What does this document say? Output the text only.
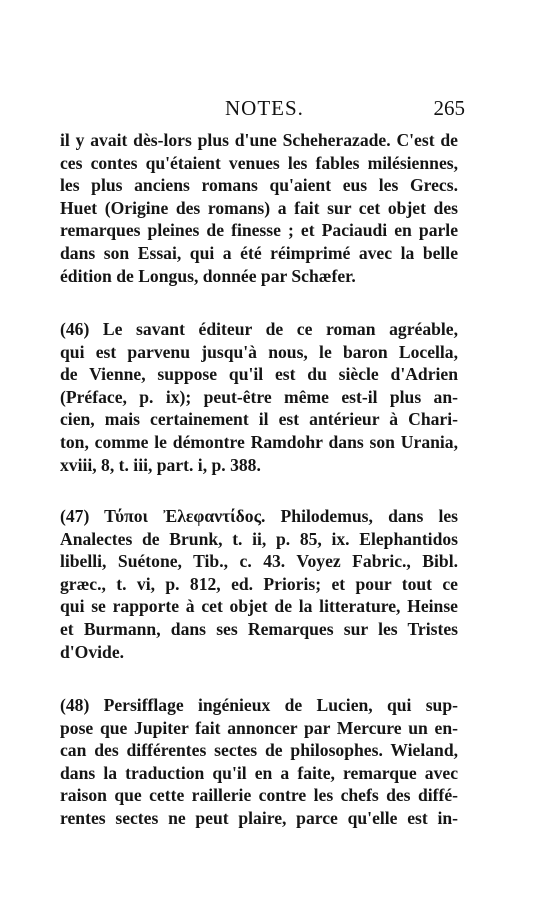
NOTES.	265
il y avait dès-lors plus d'une Scheherazade. C'est de
ces contes qu'étaient venues les fables milésiennes,
les plus anciens romans qu'aient eus les Grecs.
Huet (Origine des romans) a fait sur cet objet des
remarques pleines de finesse ; et Paciaudi en parle
dans son Essai, qui a été réimprimé avec la belle
édition de Longus, donnée par Schæfer.
(46) Le savant éditeur de ce roman agréable,
qui est parvenu jusqu'à nous, le baron Locella,
de Vienne, suppose qu'il est du siècle d'Adrien
(Préface, p. ix); peut-être même est-il plus an-
cien, mais certainement il est antérieur à Chari-
ton, comme le démontre Ramdohr dans son Urania,
xviii, 8, t. iii, part. i, p. 388.
(47) Τύποι Ἐλεφαντίδος. Philodemus, dans les
Analectes de Brunk, t. ii, p. 85, ix. Elephantidos
libelli, Suétone, Tib., c. 43. Voyez Fabric., Bibl.
græc., t. vi, p. 812, ed. Prioris; et pour tout ce
qui se rapporte à cet objet de la litterature, Heinse
et Burmann, dans ses Remarques sur les Tristes
d'Ovide.
(48) Persifflage ingénieux de Lucien, qui sup-
pose que Jupiter fait annoncer par Mercure un en-
can des différentes sectes de philosophes. Wieland,
dans la traduction qu'il en a faite, remarque avec
raison que cette raillerie contre les chefs des diffé-
rentes sectes ne peut plaire, parce qu'elle est in-
